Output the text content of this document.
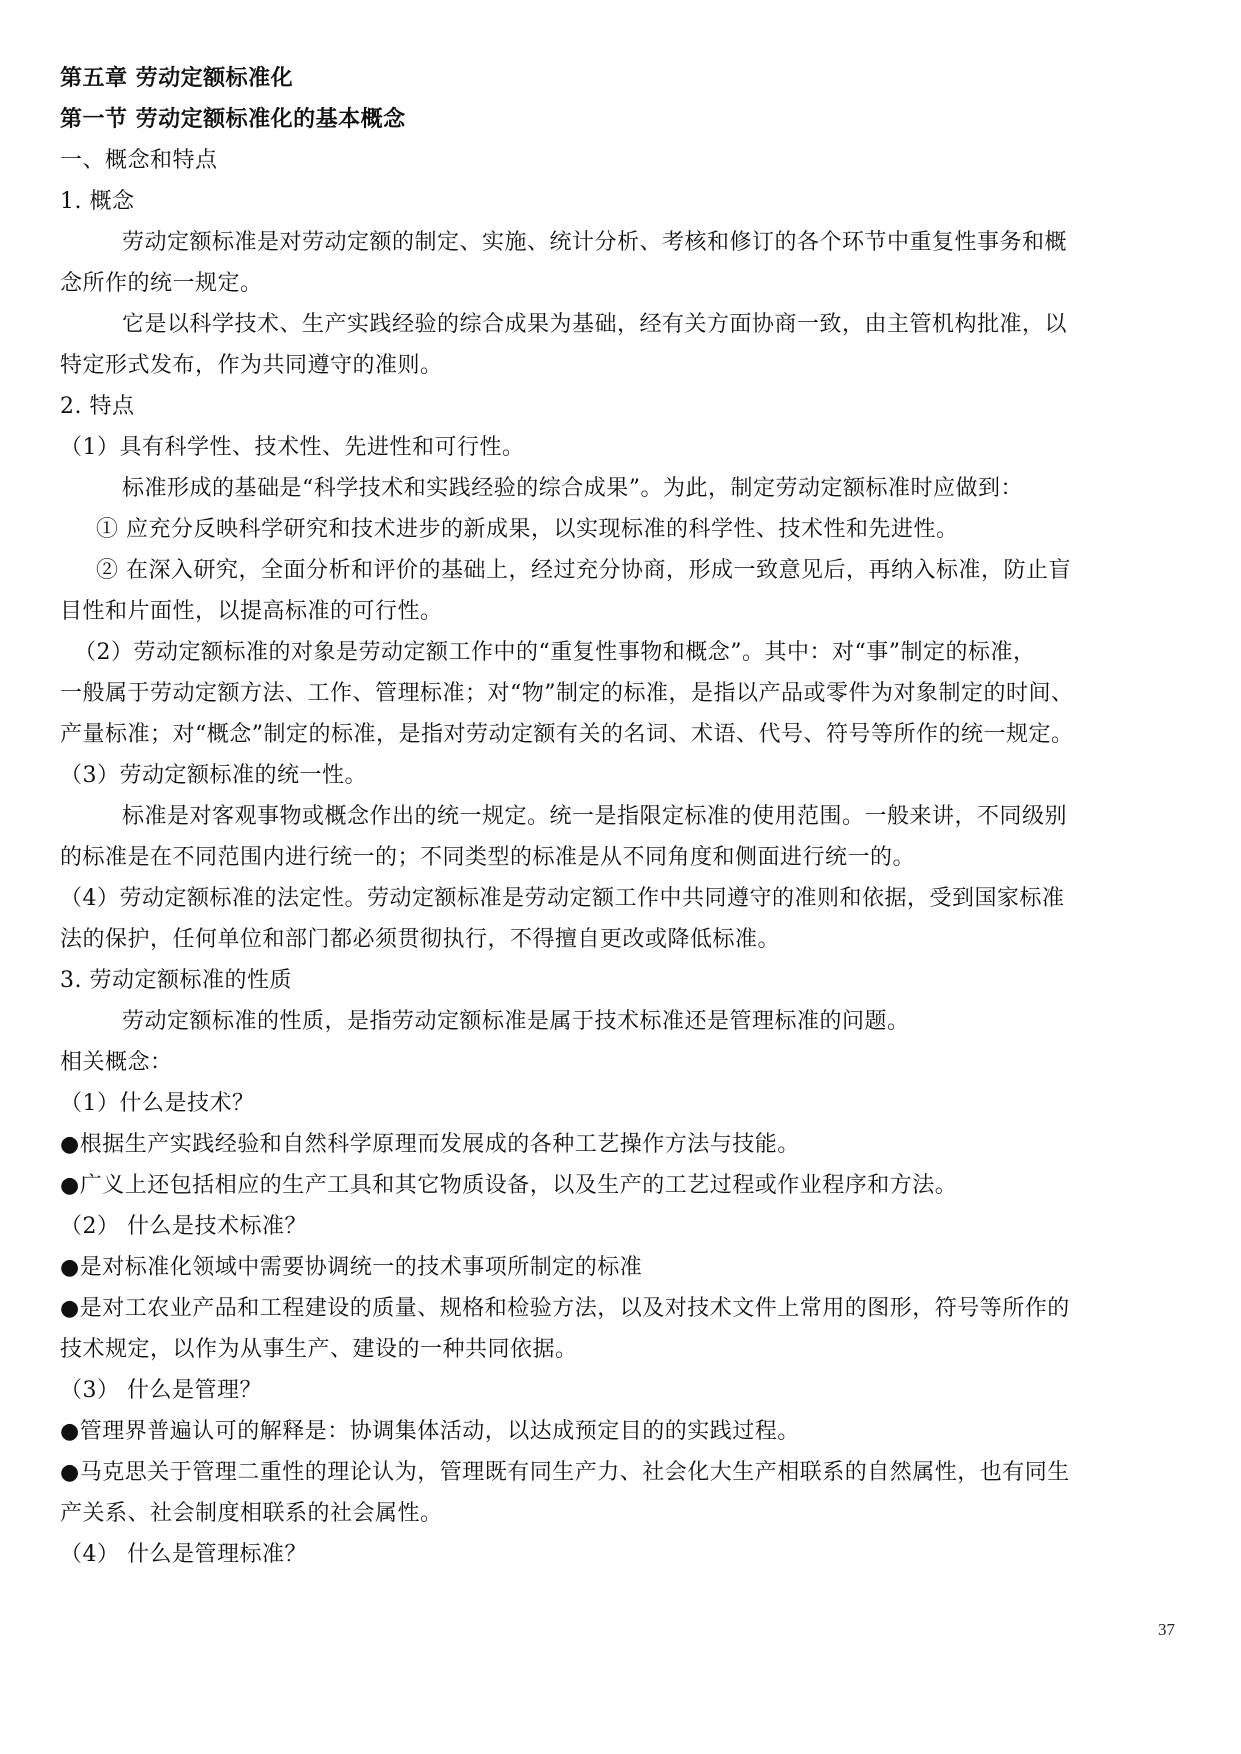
第五章 劳动定额标准化
第一节 劳动定额标准化的基本概念
一、概念和特点
1. 概念
劳动定额标准是对劳动定额的制定、实施、统计分析、考核和修订的各个环节中重复性事务和概
念所作的统一规定。
它是以科学技术、生产实践经验的综合成果为基础，经有关方面协商一致，由主管机构批准，以
特定形式发布，作为共同遵守的准则。
2. 特点
（1）具有科学性、技术性、先进性和可行性。
标准形成的基础是“科学技术和实践经验的综合成果”。为此，制定劳动定额标准时应做到：
① 应充分反映科学研究和技术进步的新成果，以实现标准的科学性、技术性和先进性。
② 在深入研究，全面分析和评价的基础上，经过充分协商，形成一致意见后，再纳入标准，防止盲
目性和片面性，以提高标准的可行性。
（2）劳动定额标准的对象是劳动定额工作中的“重复性事物和概念”。其中：对“事”制定的标准，
一般属于劳动定额方法、工作、管理标准；对“物”制定的标准，是指以产品或零件为对象制定的时间、
产量标准；对“概念”制定的标准，是指对劳动定额有关的名词、术语、代号、符号等所作的统一规定。
（3）劳动定额标准的统一性。
标准是对客观事物或概念作出的统一规定。统一是指限定标准的使用范围。一般来讲，不同级别
的标准是在不同范围内进行统一的；不同类型的标准是从不同角度和侧面进行统一的。
（4）劳动定额标准的法定性。劳动定额标准是劳动定额工作中共同遵守的准则和依据，受到国家标准
法的保护，任何单位和部门都必须贯彻执行，不得擅自更改或降低标准。
3. 劳动定额标准的性质
劳动定额标准的性质，是指劳动定额标准是属于技术标准还是管理标准的问题。
相关概念：
（1）什么是技术？
●根据生产实践经验和自然科学原理而发展成的各种工艺操作方法与技能。
●广义上还包括相应的生产工具和其它物质设备，以及生产的工艺过程或作业程序和方法。
（2） 什么是技术标准？
●是对标准化领域中需要协调统一的技术事项所制定的标准
●是对工农业产品和工程建设的质量、规格和检验方法，以及对技术文件上常用的图形，符号等所作的
技术规定，以作为从事生产、建设的一种共同依据。
（3） 什么是管理？
●管理界普遍认可的解释是：协调集体活动，以达成预定目的的实践过程。
●马克思关于管理二重性的理论认为，管理既有同生产力、社会化大生产相联系的自然属性，也有同生
产关系、社会制度相联系的社会属性。
（4） 什么是管理标准？
37
